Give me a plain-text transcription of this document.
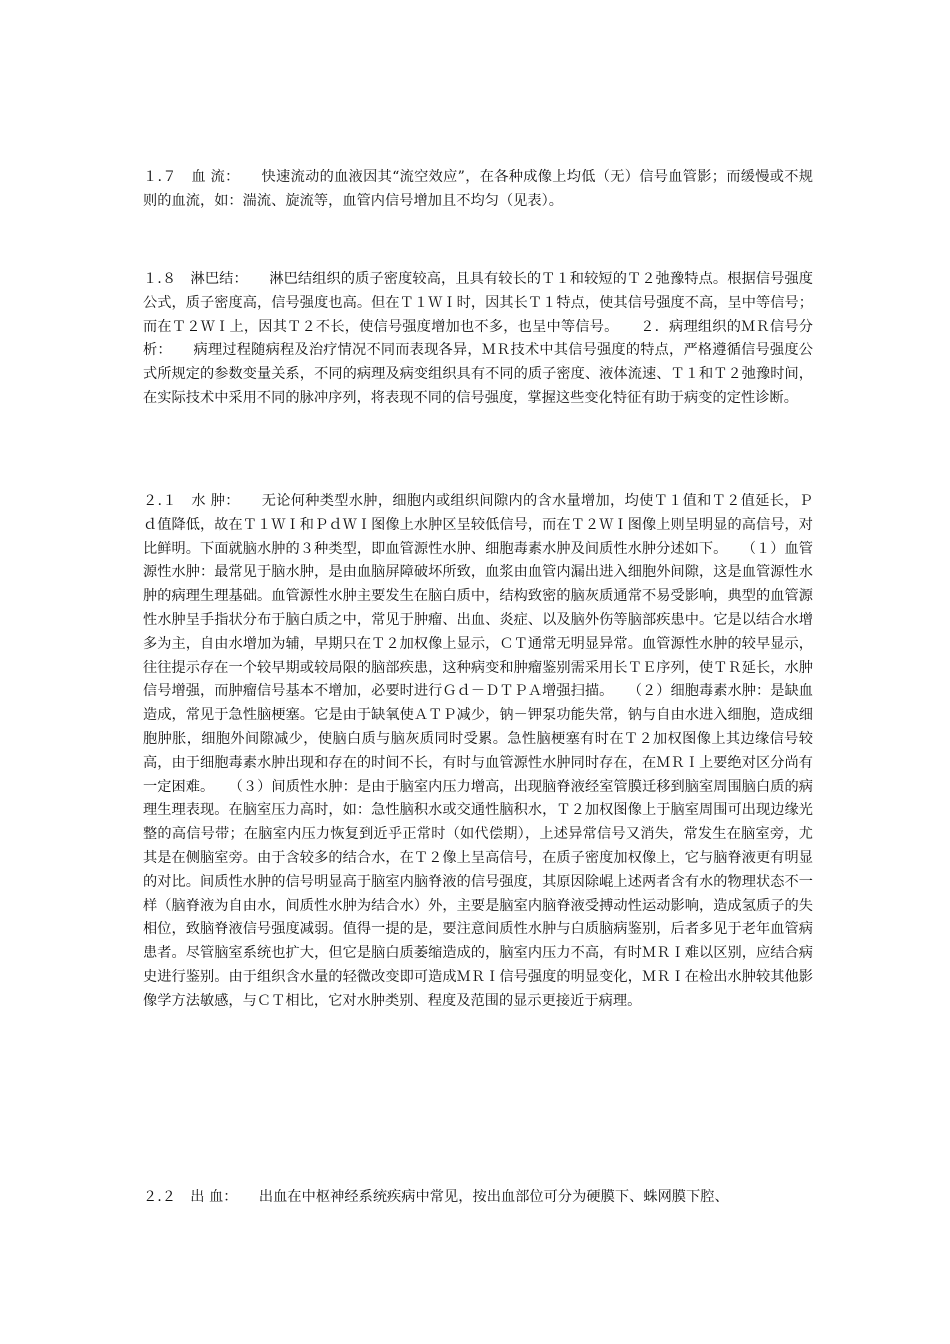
１.７　血 流：　　快速流动的血液因其“流空效应”，在各种成像上均低（无）信号血管影；而缓慢或不规则的血流，如：湍流、旋流等，血管内信号增加且不均匀（见表）。

１.８　淋巴结：　　淋巴结组织的质子密度较高，且具有较长的Ｔ１和较短的Ｔ２弛豫特点。根据信号强度公式，质子密度高，信号强度也高。但在Ｔ１ＷＩ时，因其长Ｔ１特点，使其信号强度不高，呈中等信号；而在Ｔ２ＷＩ上，因其Ｔ２不长，使信号强度增加也不多，也呈中等信号。　　２．病理组织的ＭＲ信号分析：　　病理过程随病程及治疗情况不同而表现各异，ＭＲ技术中其信号强度的特点，严格遵循信号强度公式所规定的参数变量关系，不同的病理及病变组织具有不同的质子密度、液体流速、Ｔ１和Ｔ２弛豫时间，在实际技术中采用不同的脉冲序列，将表现不同的信号强度，掌握这些变化特征有助于病变的定性诊断。

２.１　水 肿：　　无论何种类型水肿，细胞内或组织间隙内的含水量增加，均使Ｔ１值和Ｔ２值延长，Ｐｄ值降低，故在Ｔ１ＷＩ和ＰｄＷＩ图像上水肿区呈较低信号，而在Ｔ２ＷＩ图像上则呈明显的高信号，对比鲜明。下面就脑水肿的３种类型，即血管源性水肿、细胞毒素水肿及间质性水肿分述如下。　　（１）血管源性水肿：最常见于脑水肿，是由血脑屏障破坏所致，血浆由血管内漏出进入细胞外间隙，这是血管源性水肿的病理生理基础。血管源性水肿主要发生在脑白质中，结构致密的脑灰质通常不易受影响，典型的血管源性水肿呈手指状分布于脑白质之中，常见于肿瘤、出血、炎症、以及脑外伤等脑部疾患中。它是以结合水增多为主，自由水增加为辅，早期只在Ｔ２加权像上显示，ＣＴ通常无明显异常。血管源性水肿的较早显示，往往提示存在一个较早期或较局限的脑部疾患，这种病变和肿瘤鉴别需采用长ＴＥ序列，使ＴＲ延长，水肿信号增强，而肿瘤信号基本不增加，必要时进行Ｇｄ－ＤＴＰＡ增强扫描。　　（２）细胞毒素水肿：是缺血造成，常见于急性脑梗塞。它是由于缺氧使ＡＴＰ减少，钠－钾泵功能失常，钠与自由水进入细胞，造成细胞肿胀，细胞外间隙减少，使脑白质与脑灰质同时受累。急性脑梗塞有时在Ｔ２加权图像上其边缘信号较高，由于细胞毒素水肿出现和存在的时间不长，有时与血管源性水肿同时存在，在ＭＲＩ上要绝对区分尚有一定困难。　　（３）间质性水肿：是由于脑室内压力增高，出现脑脊液经室管膜迁移到脑室周围脑白质的病理生理表现。在脑室压力高时，如：急性脑积水或交通性脑积水，Ｔ２加权图像上于脑室周围可出现边缘光整的高信号带；在脑室内压力恢复到近乎正常时（如代偿期），上述异常信号又消失，常发生在脑室旁，尤其是在侧脑室旁。由于含较多的结合水，在Ｔ２像上呈高信号，在质子密度加权像上，它与脑脊液更有明显的对比。间质性水肿的信号明显高于脑室内脑脊液的信号强度，其原因除崐上述两者含有水的物理状态不一样（脑脊液为自由水，间质性水肿为结合水）外，主要是脑室内脑脊液受搏动性运动影响，造成氢质子的失相位，致脑脊液信号强度减弱。值得一提的是，要注意间质性水肿与白质脑病鉴别，后者多见于老年血管病患者。尽管脑室系统也扩大，但它是脑白质萎缩造成的，脑室内压力不高，有时ＭＲＩ难以区别，应结合病史进行鉴别。由于组织含水量的轻微改变即可造成ＭＲＩ信号强度的明显变化，ＭＲＩ在检出水肿较其他影像学方法敏感，与ＣＴ相比，它对水肿类别、程度及范围的显示更接近于病理。

２.２　出 血：　　出血在中枢神经系统疾病中常见，按出血部位可分为硬膜下、蛛网膜下腔、
